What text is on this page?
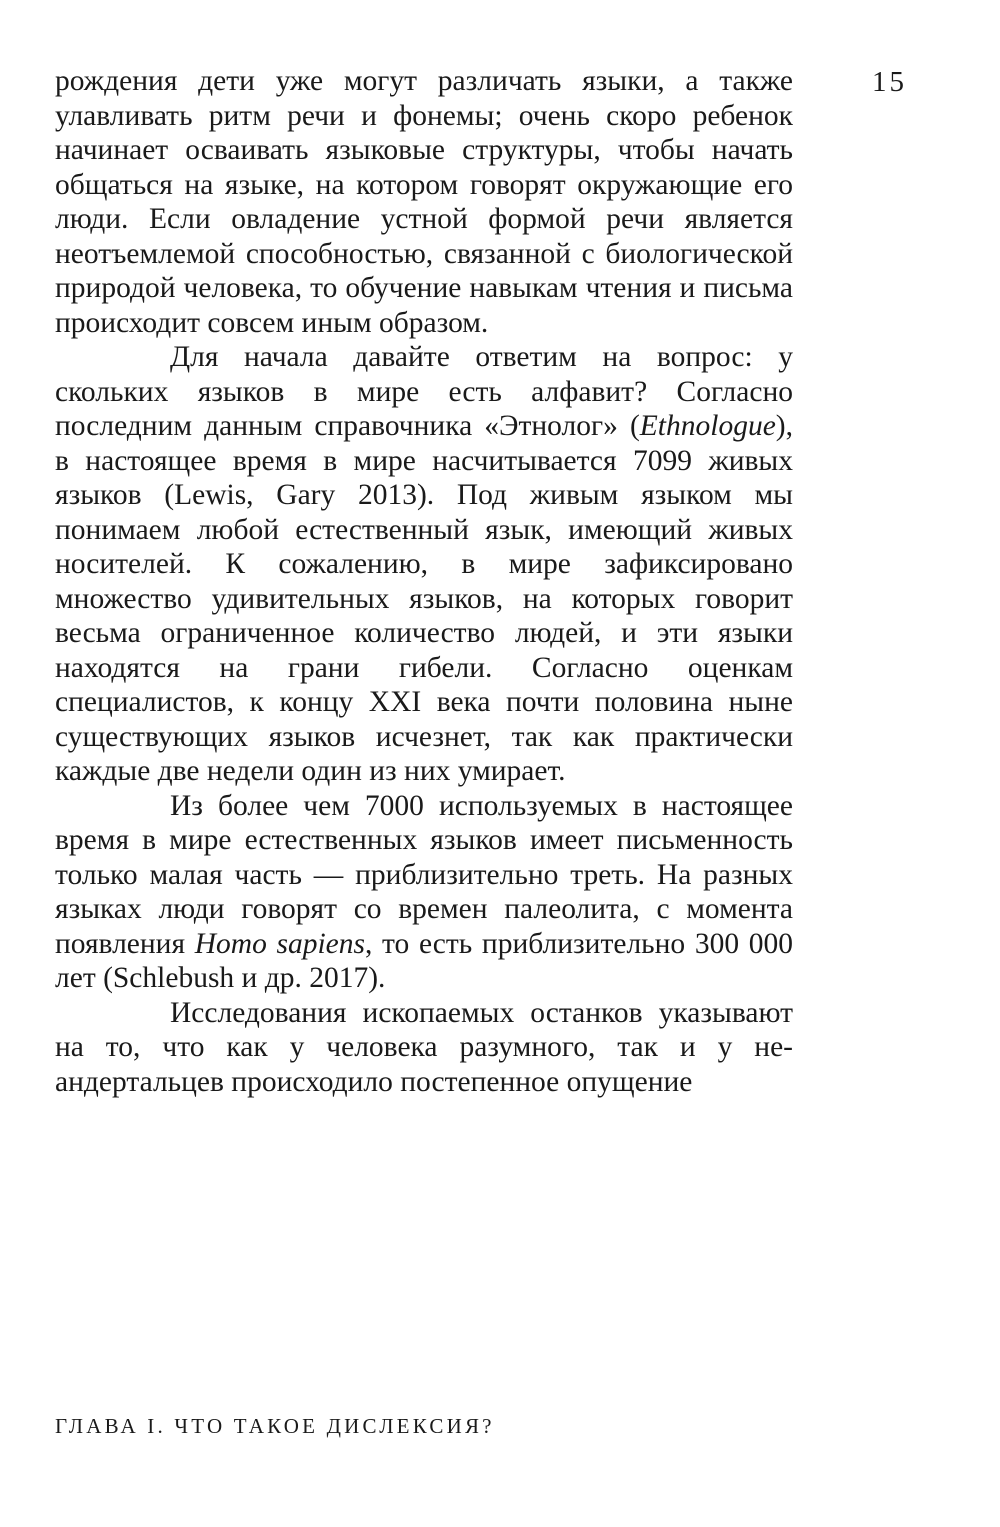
15

рождения дети уже могут различать языки, а также улавливать ритм речи и фонемы; очень скоро ребенок начинает осваивать языковые структуры, чтобы начать общаться на языке, на котором говорят окружающие его люди. Если овладение устной формой речи является неотъемлемой способностью, связанной с биологической природой человека, то обучение навыкам чтения и письма происходит совсем иным образом.

Для начала давайте ответим на вопрос: у скольких языков в мире есть алфавит? Согласно последним данным справочника «Этнолог» (Ethnologue), в настоящее время в мире насчитывается 7099 живых языков (Lewis, Gary 2013). Под живым языком мы понимаем любой естественный язык, имеющий живых носителей. К сожалению, в мире зафиксировано множество удивительных языков, на которых говорит весьма ограниченное количество людей, и эти языки находятся на грани гибели. Согласно оценкам специалистов, к концу XXI века почти половина ныне существующих языков исчезнет, так как практически каждые две недели один из них умирает.

Из более чем 7000 используемых в настоящее время в мире естественных языков имеет письменность только малая часть — приблизительно треть. На разных языках люди говорят со времен палеолита, с момента появления Homo sapiens, то есть приблизительно 300 000 лет (Schlebush и др. 2017).

Исследования ископаемых останков указывают на то, что как у человека разумного, так и у неандертальцев происходило постепенное опущение

ГЛАВА I. ЧТО ТАКОЕ ДИСЛЕКСИЯ?
